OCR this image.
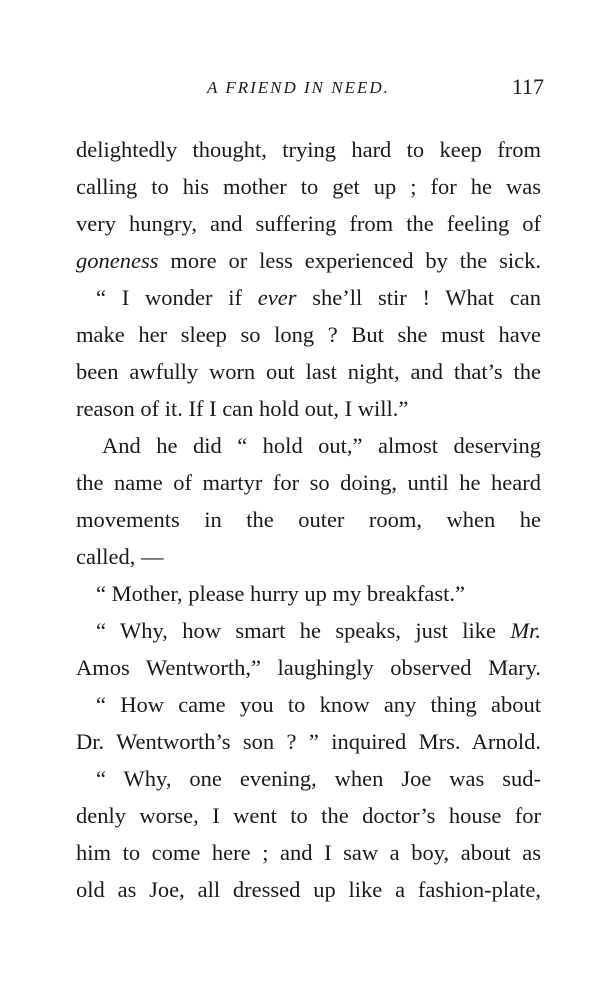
A FRIEND IN NEED.	117
delightedly thought, trying hard to keep from
calling to his mother to get up ; for he was
very hungry, and suffering from the feeling of
goneness more or less experienced by the sick.
“ I wonder if ever she’ll stir ! What can
make her sleep so long ? But she must have
been awfully worn out last night, and that’s the
reason of it. If I can hold out, I will.”
And he did “ hold out,” almost deserving
the name of martyr for so doing, until he heard
movements in the outer room, when he
called, —
“ Mother, please hurry up my breakfast.”
“ Why, how smart he speaks, just like Mr.
Amos Wentworth,” laughingly observed Mary.
“ How came you to know any thing about
Dr. Wentworth’s son ? ” inquired Mrs. Arnold.
“ Why, one evening, when Joe was sud-
denly worse, I went to the doctor’s house for
him to come here ; and I saw a boy, about as
old as Joe, all dressed up like a fashion-plate,
